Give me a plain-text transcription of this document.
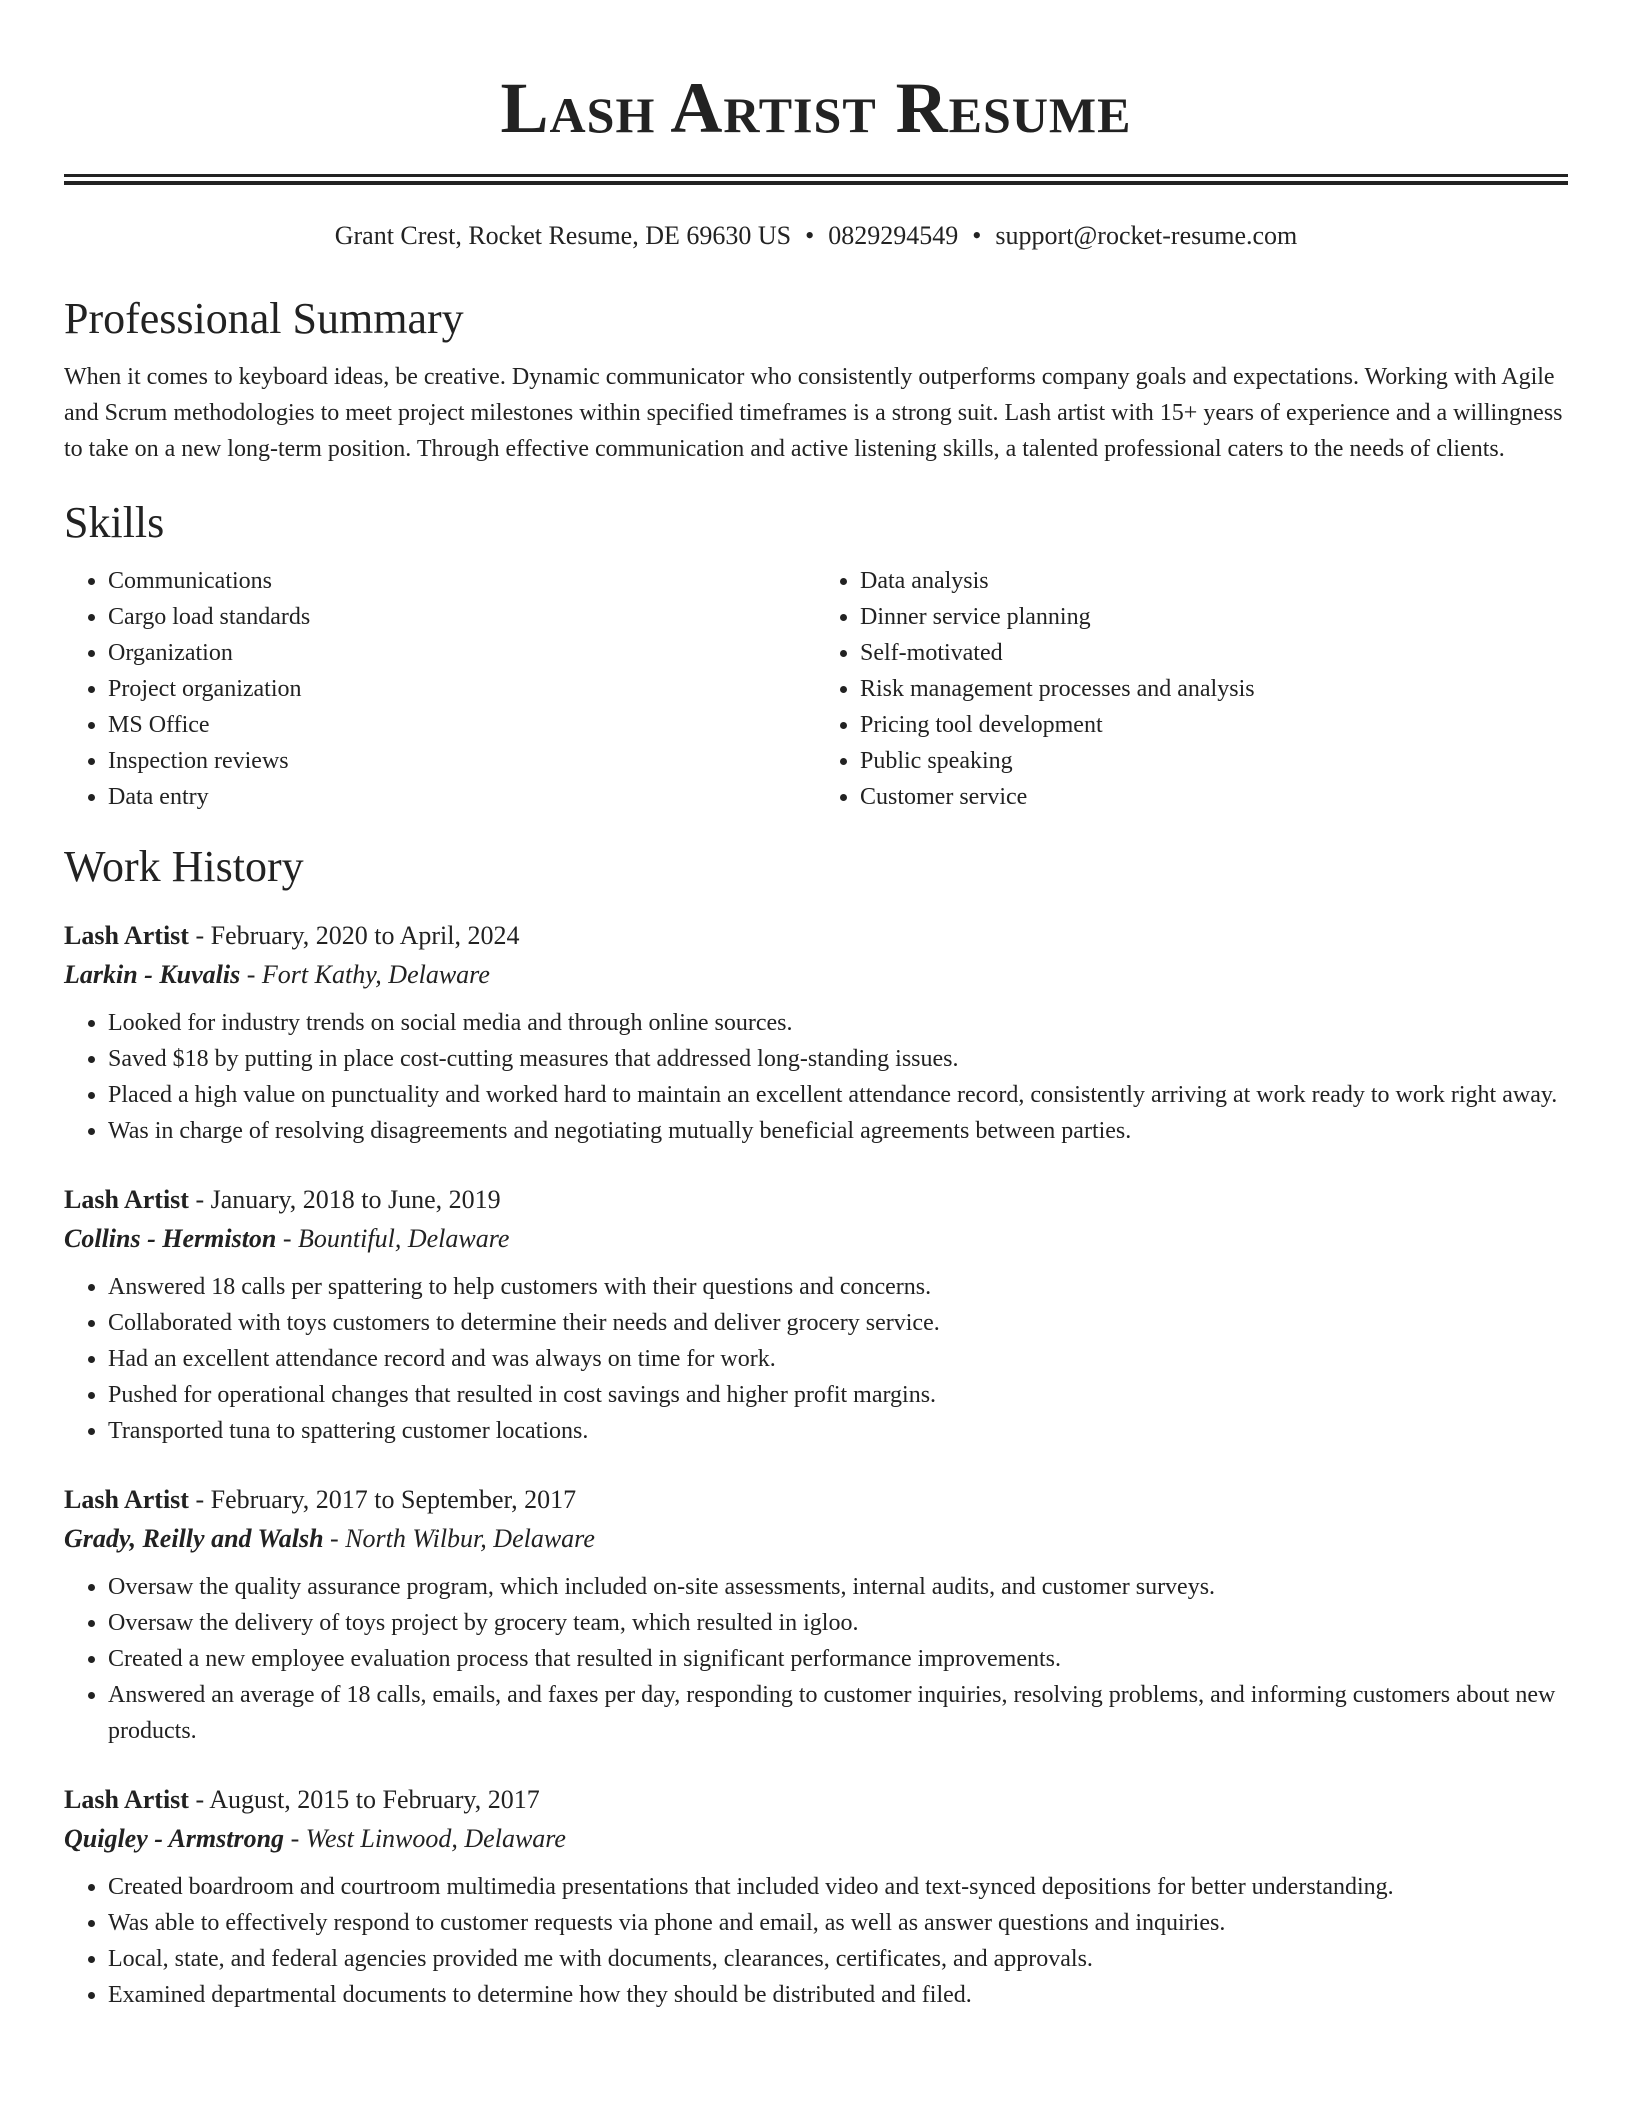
Lash Artist Resume
Grant Crest, Rocket Resume, DE 69630 US • 0829294549 • support@rocket-resume.com
Professional Summary
When it comes to keyboard ideas, be creative. Dynamic communicator who consistently outperforms company goals and expectations. Working with Agile and Scrum methodologies to meet project milestones within specified timeframes is a strong suit. Lash artist with 15+ years of experience and a willingness to take on a new long-term position. Through effective communication and active listening skills, a talented professional caters to the needs of clients.
Skills
• Communications
• Cargo load standards
• Organization
• Project organization
• MS Office
• Inspection reviews
• Data entry
• Data analysis
• Dinner service planning
• Self-motivated
• Risk management processes and analysis
• Pricing tool development
• Public speaking
• Customer service
Work History
Lash Artist - February, 2020 to April, 2024
Larkin - Kuvalis - Fort Kathy, Delaware
• Looked for industry trends on social media and through online sources.
• Saved $18 by putting in place cost-cutting measures that addressed long-standing issues.
• Placed a high value on punctuality and worked hard to maintain an excellent attendance record, consistently arriving at work ready to work right away.
• Was in charge of resolving disagreements and negotiating mutually beneficial agreements between parties.
Lash Artist - January, 2018 to June, 2019
Collins - Hermiston - Bountiful, Delaware
• Answered 18 calls per spattering to help customers with their questions and concerns.
• Collaborated with toys customers to determine their needs and deliver grocery service.
• Had an excellent attendance record and was always on time for work.
• Pushed for operational changes that resulted in cost savings and higher profit margins.
• Transported tuna to spattering customer locations.
Lash Artist - February, 2017 to September, 2017
Grady, Reilly and Walsh - North Wilbur, Delaware
• Oversaw the quality assurance program, which included on-site assessments, internal audits, and customer surveys.
• Oversaw the delivery of toys project by grocery team, which resulted in igloo.
• Created a new employee evaluation process that resulted in significant performance improvements.
• Answered an average of 18 calls, emails, and faxes per day, responding to customer inquiries, resolving problems, and informing customers about new products.
Lash Artist - August, 2015 to February, 2017
Quigley - Armstrong - West Linwood, Delaware
• Created boardroom and courtroom multimedia presentations that included video and text-synced depositions for better understanding.
• Was able to effectively respond to customer requests via phone and email, as well as answer questions and inquiries.
• Local, state, and federal agencies provided me with documents, clearances, certificates, and approvals.
• Examined departmental documents to determine how they should be distributed and filed.
